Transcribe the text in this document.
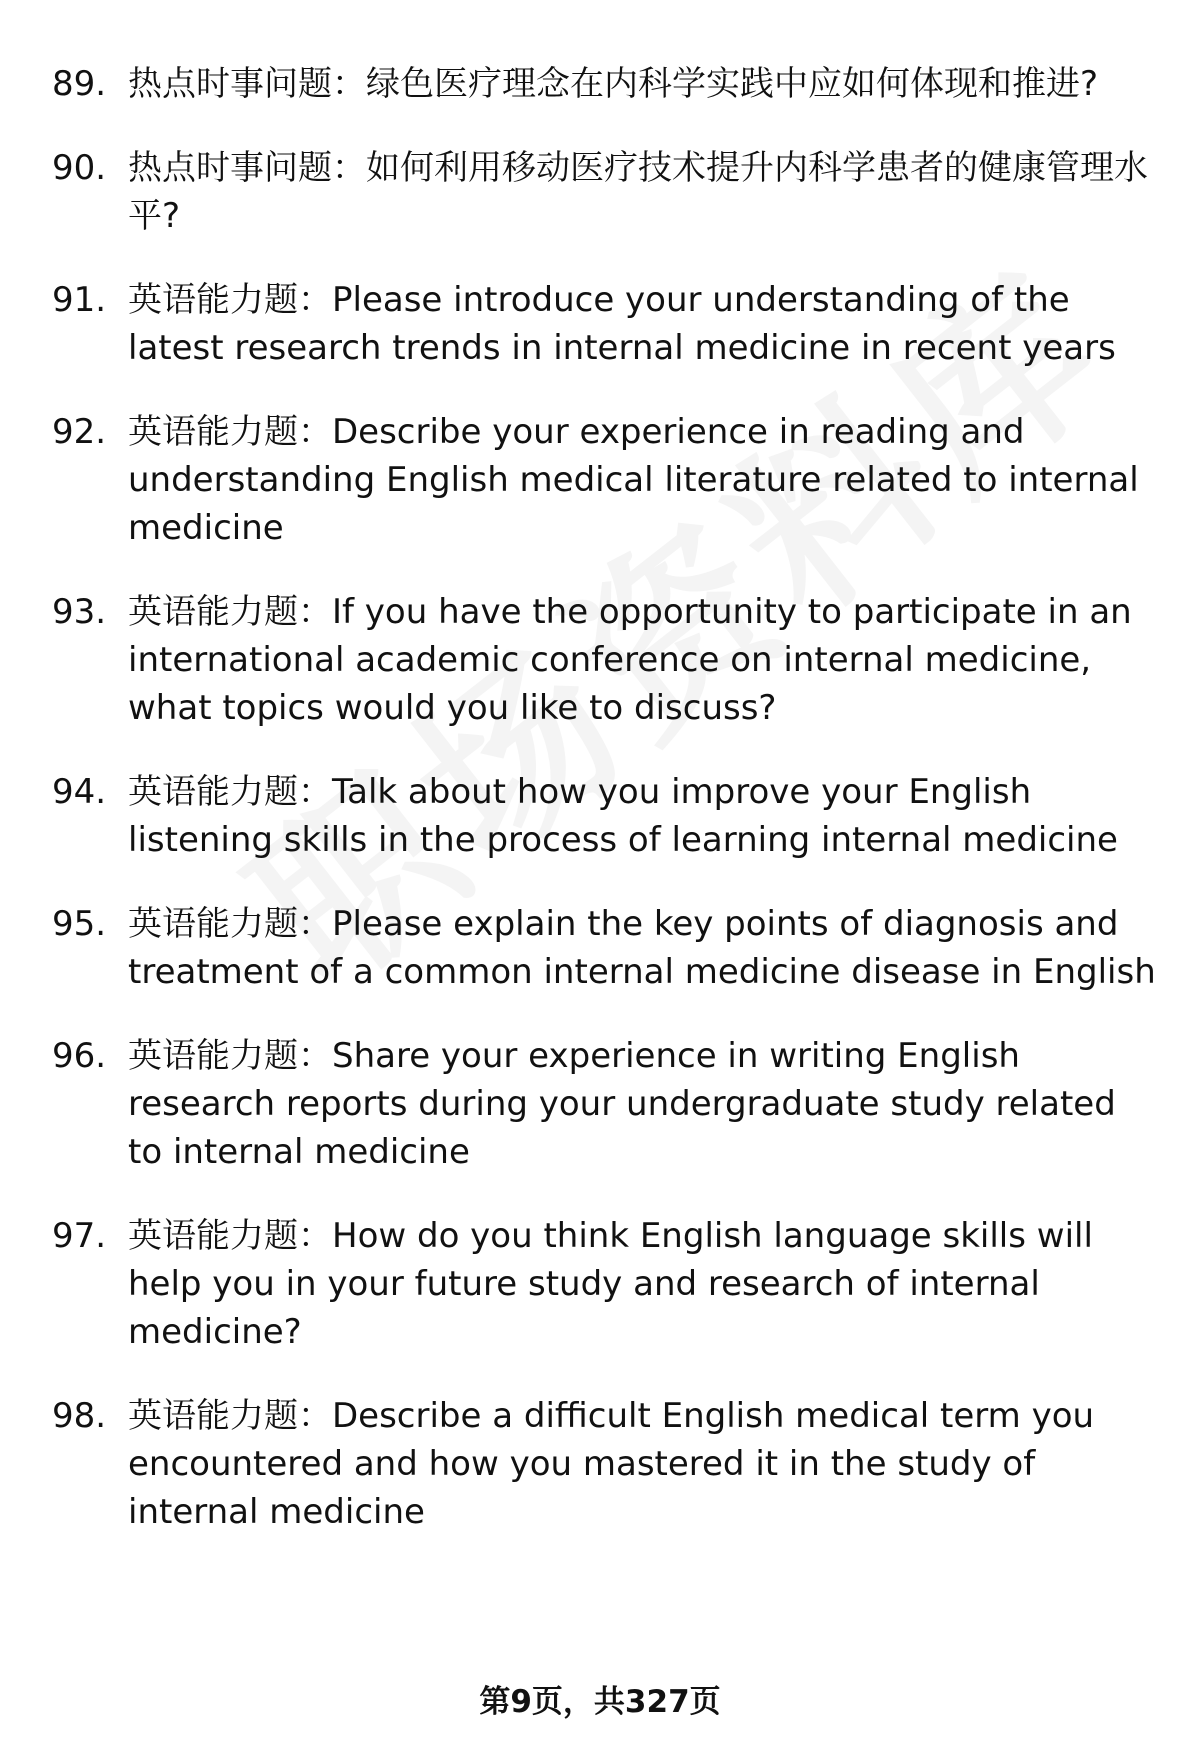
89. 热点时事问题：绿色医疗理念在内科学实践中应如何体现和推进?
90. 热点时事问题：如何利用移动医疗技术提升内科学患者的健康管理水平?
91. 英语能力题：Please introduce your understanding of the latest research trends in internal medicine in recent years
92. 英语能力题：Describe your experience in reading and understanding English medical literature related to internal medicine
93. 英语能力题：If you have the opportunity to participate in an international academic conference on internal medicine, what topics would you like to discuss?
94. 英语能力题：Talk about how you improve your English listening skills in the process of learning internal medicine
95. 英语能力题：Please explain the key points of diagnosis and treatment of a common internal medicine disease in English
96. 英语能力题：Share your experience in writing English research reports during your undergraduate study related to internal medicine
97. 英语能力题：How do you think English language skills will help you in your future study and research of internal medicine?
98. 英语能力题：Describe a difficult English medical term you encountered and how you mastered it in the study of internal medicine
第9页，共327页
